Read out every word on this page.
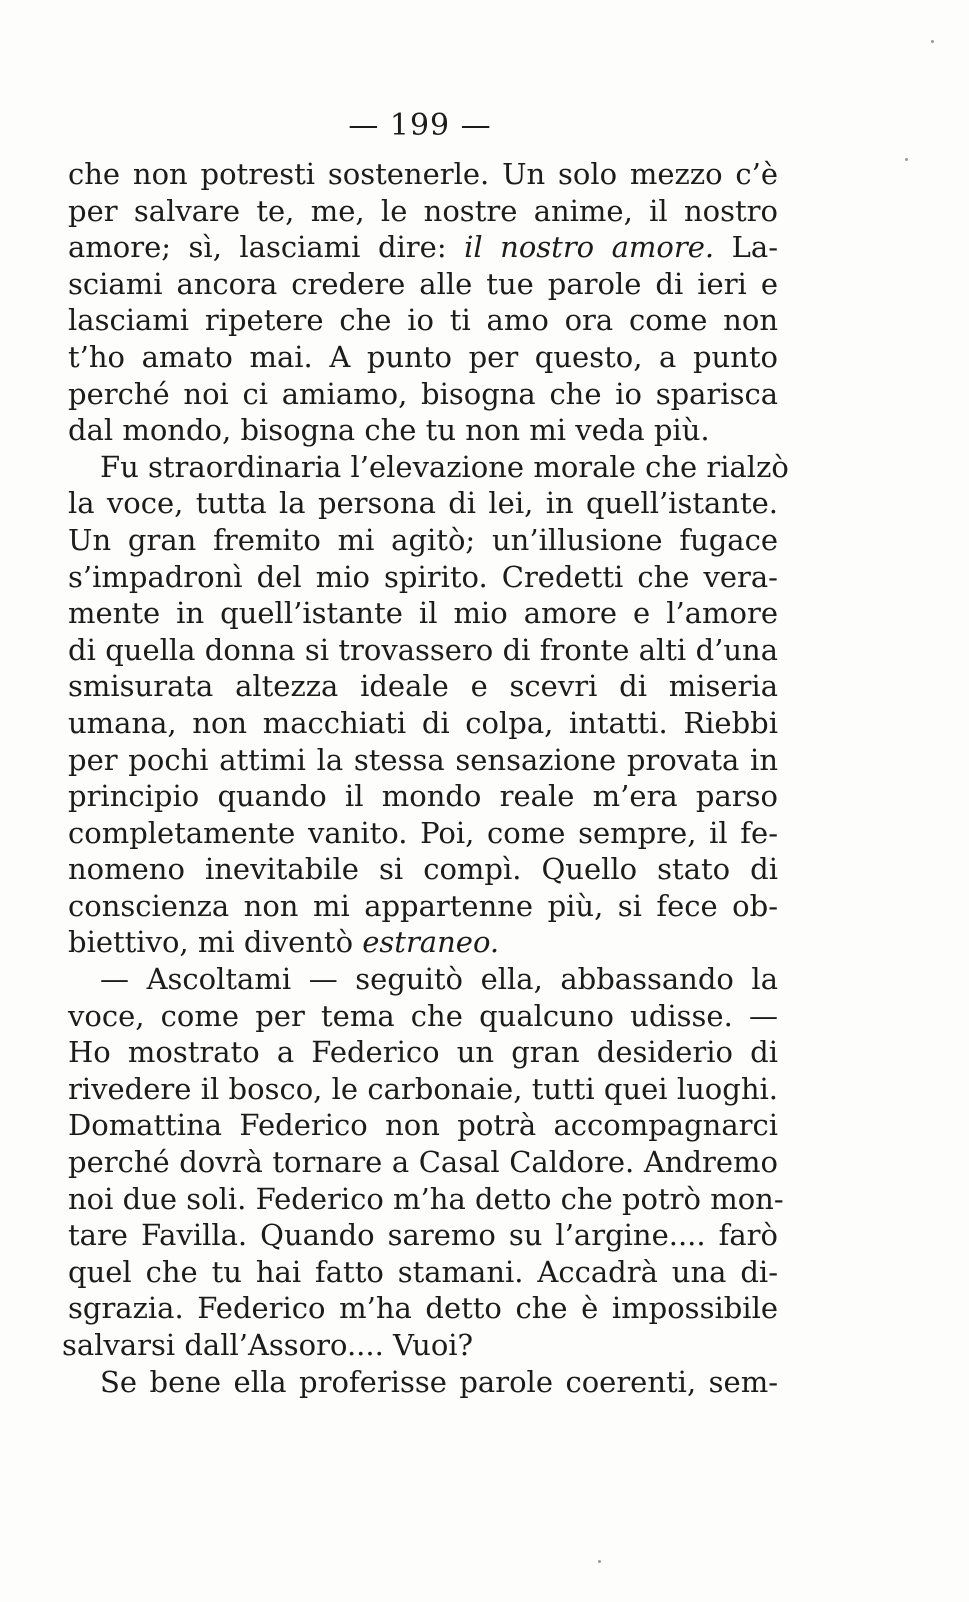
— 199 —
che non potresti sostenerle. Un solo mezzo c’è
per salvare te, me, le nostre anime, il nostro
amore; sì, lasciami dire: il nostro amore. La-
sciami ancora credere alle tue parole di ieri e
lasciami ripetere che io ti amo ora come non
t’ho amato mai. A punto per questo, a punto
perché noi ci amiamo, bisogna che io sparisca
dal mondo, bisogna che tu non mi veda più.
Fu straordinaria l’elevazione morale che rialzò
la voce, tutta la persona di lei, in quell’istante.
Un gran fremito mi agitò; un’illusione fugace
s’impadronì del mio spirito. Credetti che vera-
mente in quell’istante il mio amore e l’amore
di quella donna si trovassero di fronte alti d’una
smisurata altezza ideale e scevri di miseria
umana, non macchiati di colpa, intatti. Riebbi
per pochi attimi la stessa sensazione provata in
principio quando il mondo reale m’era parso
completamente vanito. Poi, come sempre, il fe-
nomeno inevitabile si compì. Quello stato di
conscienza non mi appartenne più, si fece ob-
biettivo, mi diventò estraneo.
— Ascoltami — seguitò ella, abbassando la
voce, come per tema che qualcuno udisse. —
Ho mostrato a Federico un gran desiderio di
rivedere il bosco, le carbonaie, tutti quei luoghi.
Domattina Federico non potrà accompagnarci
perché dovrà tornare a Casal Caldore. Andremo
noi due soli. Federico m’ha detto che potrò mon-
tare Favilla. Quando saremo su l’argine.... farò
quel che tu hai fatto stamani. Accadrà una di-
sgrazia. Federico m’ha detto che è impossibile
salvarsi dall’Assoro.... Vuoi?
Se bene ella proferisse parole coerenti, sem-
